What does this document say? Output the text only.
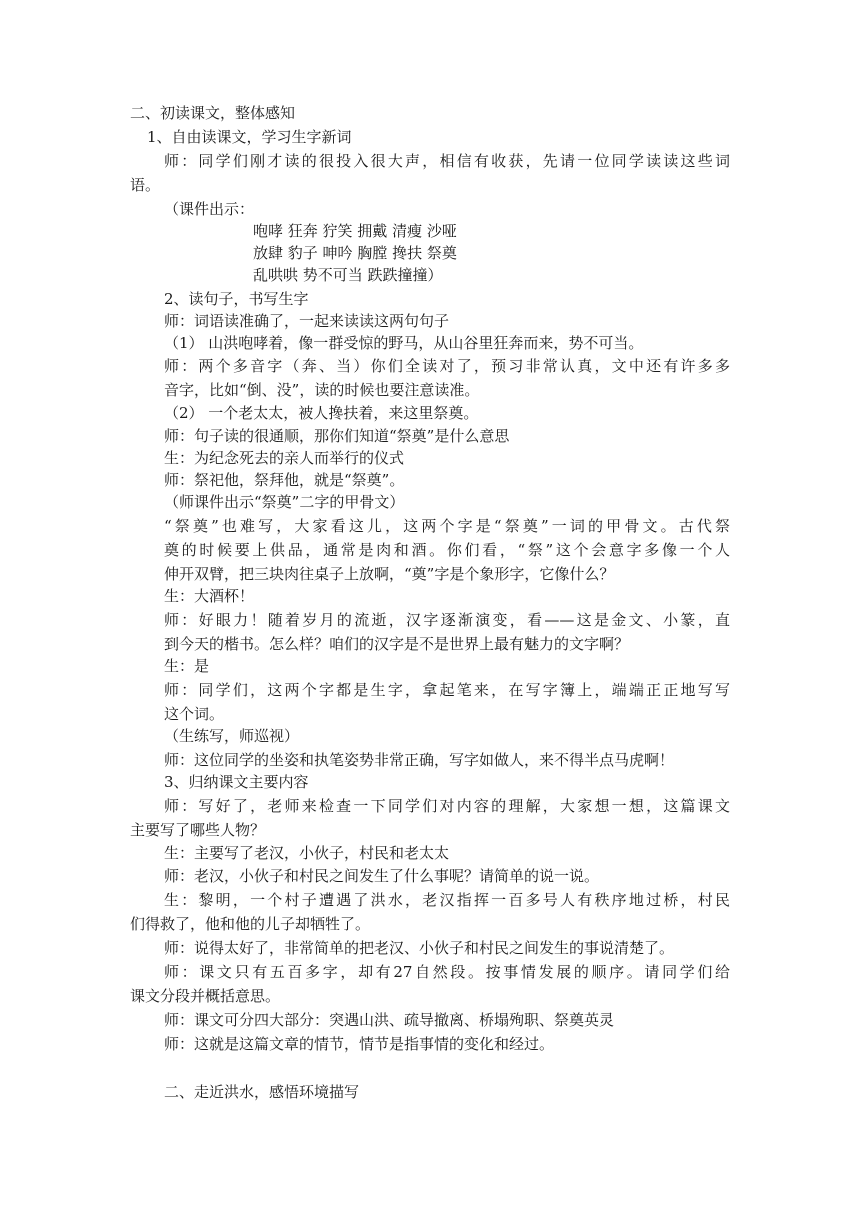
二、初读课文，整体感知
1、自由读课文，学习生字新词
师：同学们刚才读的很投入很大声，相信有收获，先请一位同学读读这些词
语。
（课件出示：
咆哮 狂奔 狞笑 拥戴 清瘦 沙哑
放肆 豹子 呻吟 胸膛 搀扶 祭奠
乱哄哄 势不可当 跌跌撞撞）
2、读句子，书写生字
师：词语读准确了，一起来读读这两句句子
（1） 山洪咆哮着，像一群受惊的野马，从山谷里狂奔而来，势不可当。
师：两个多音字（奔、当）你们全读对了，预习非常认真，文中还有许多多
音字，比如“倒、没”，读的时候也要注意读准。
（2） 一个老太太，被人搀扶着，来这里祭奠。
师：句子读的很通顺，那你们知道“祭奠”是什么意思
生：为纪念死去的亲人而举行的仪式
师：祭祀他，祭拜他，就是“祭奠”。
（师课件出示“祭奠”二字的甲骨文）
“祭奠”也难写，大家看这儿，这两个字是“祭奠”一词的甲骨文。古代祭
奠的时候要上供品，通常是肉和酒。你们看，“祭”这个会意字多像一个人
伸开双臂，把三块肉往桌子上放啊，“奠”字是个象形字，它像什么？
生：大酒杯！
师：好眼力！随着岁月的流逝，汉字逐渐演变，看——这是金文、小篆，直
到今天的楷书。怎么样？咱们的汉字是不是世界上最有魅力的文字啊？
生：是
师：同学们，这两个字都是生字，拿起笔来，在写字簿上，端端正正地写写
这个词。
（生练写，师巡视）
师：这位同学的坐姿和执笔姿势非常正确，写字如做人，来不得半点马虎啊！
3、归纳课文主要内容
师：写好了，老师来检查一下同学们对内容的理解，大家想一想，这篇课文
主要写了哪些人物？
生：主要写了老汉，小伙子，村民和老太太
师：老汉，小伙子和村民之间发生了什么事呢？请简单的说一说。
生：黎明，一个村子遭遇了洪水，老汉指挥一百多号人有秩序地过桥，村民
们得救了，他和他的儿子却牺牲了。
师：说得太好了，非常简单的把老汉、小伙子和村民之间发生的事说清楚了。
师：课文只有五百多字，却有27自然段。按事情发展的顺序。请同学们给
课文分段并概括意思。
师：课文可分四大部分：突遇山洪、疏导撤离、桥塌殉职、祭奠英灵
师：这就是这篇文章的情节，情节是指事情的变化和经过。
二、走近洪水，感悟环境描写
